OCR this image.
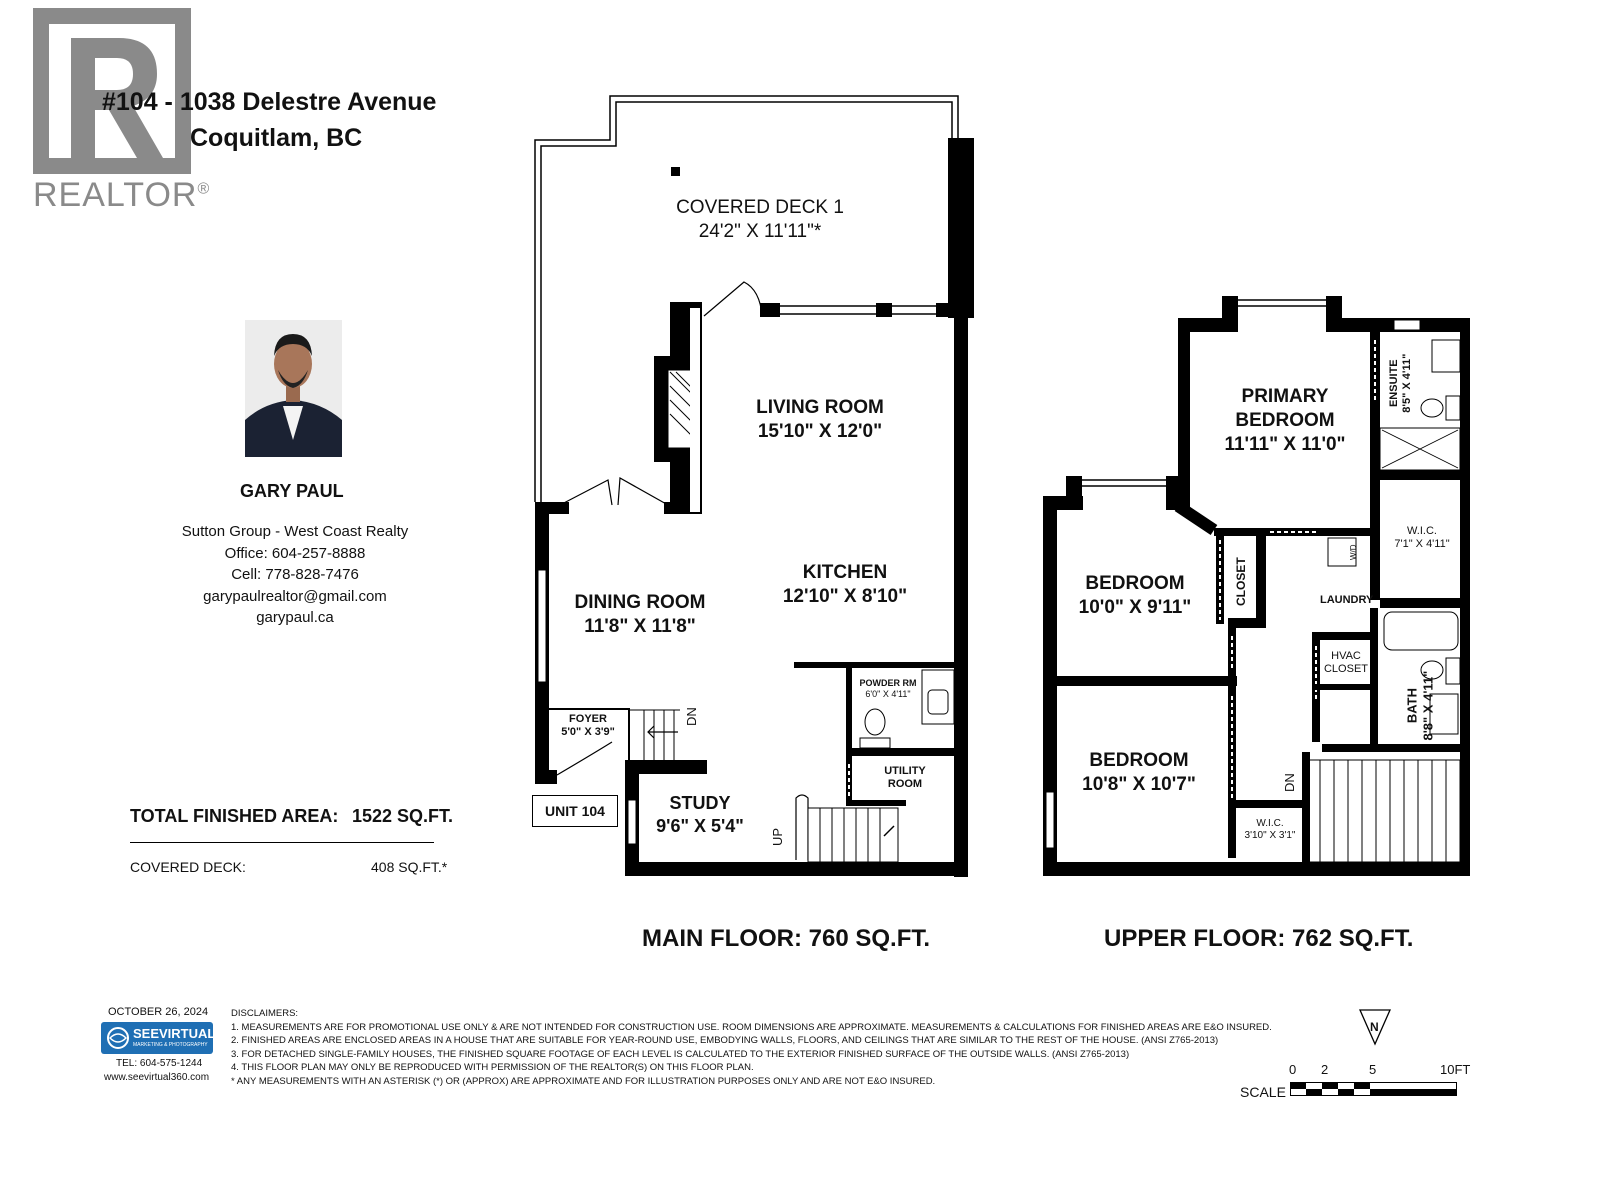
REALTOR®
#104 - 1038 Delestre Avenue
Coquitlam, BC
GARY PAUL
Sutton Group - West Coast Realty
Office: 604-257-8888
Cell: 778-828-7476
garypaulrealtor@gmail.com
garypaul.ca
TOTAL FINISHED AREA: 1522 SQ.FT.
COVERED DECK:	408 SQ.FT.*
COVERED DECK 1
24'2" X 11'11"*
LIVING ROOM
15'10" X 12'0"
KITCHEN
12'10" X 8'10"
DINING ROOM
11'8" X 11'8"
FOYER
5'0" X 3'9"
DN
POWDER RM
6'0" X 4'11"
UTILITY
ROOM
STUDY
9'6" X 5'4"
UP
UNIT 104
PRIMARY
BEDROOM
11'11" X 11'0"
ENSUITE 8'5" X 4'11"
W.I.C.
7'1" X 4'11"
BEDROOM
10'0" X 9'11"
CLOSET	LAUNDRY
W/D
HVAC
CLOSET
BATH 8'8" X 4'11"
BEDROOM
10'8" X 10'7"
W.I.C.
3'10" X 3'1"
DN
MAIN FLOOR: 760 SQ.FT.	UPPER FLOOR: 762 SQ.FT.
OCTOBER 26, 2024
SEEVIRTUAL
MARKETING & PHOTOGRAPHY
TEL: 604-575-1244
www.seevirtual360.com
DISCLAIMERS:
1. MEASUREMENTS ARE FOR PROMOTIONAL USE ONLY & ARE NOT INTENDED FOR CONSTRUCTION USE. ROOM DIMENSIONS ARE APPROXIMATE. MEASUREMENTS & CALCULATIONS FOR FINISHED AREAS ARE E&O INSURED.
2. FINISHED AREAS ARE ENCLOSED AREAS IN A HOUSE THAT ARE SUITABLE FOR YEAR-ROUND USE, EMBODYING WALLS, FLOORS, AND CEILINGS THAT ARE SIMILAR TO THE REST OF THE HOUSE. (ANSI Z765-2013)
3. FOR DETACHED SINGLE-FAMILY HOUSES, THE FINISHED SQUARE FOOTAGE OF EACH LEVEL IS CALCULATED TO THE EXTERIOR FINISHED SURFACE OF THE OUTSIDE WALLS. (ANSI Z765-2013)
4. THIS FLOOR PLAN MAY ONLY BE REPRODUCED WITH PERMISSION OF THE REALTOR(S) ON THIS FLOOR PLAN.
* ANY MEASUREMENTS WITH AN ASTERISK (*) OR (APPROX) ARE APPROXIMATE AND FOR ILLUSTRATION PURPOSES ONLY AND ARE NOT E&O INSURED.
N
SCALE
0 2	5	10FT
